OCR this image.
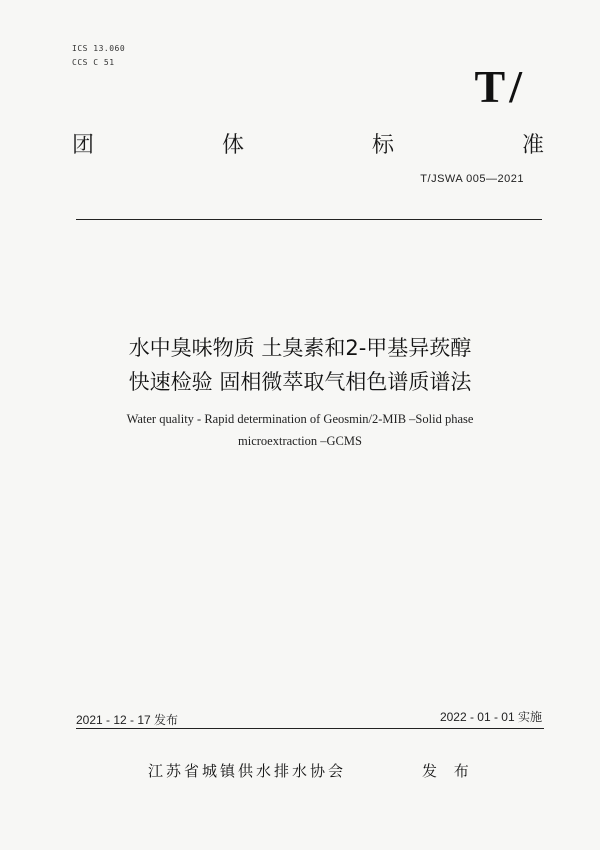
ICS 13.060
CCS C 51	T/
团	体	标	准
T/JSWA 005—2021
水中臭味物质 土臭素和2-甲基异莰醇
快速检验 固相微萃取气相色谱质谱法
Water quality - Rapid determination of Geosmin/2-MIB –Solid phase
microextraction –GCMS
2021 - 12 - 17 发布	2022 - 01 - 01 实施
江苏省城镇供水排水协会	发 布
